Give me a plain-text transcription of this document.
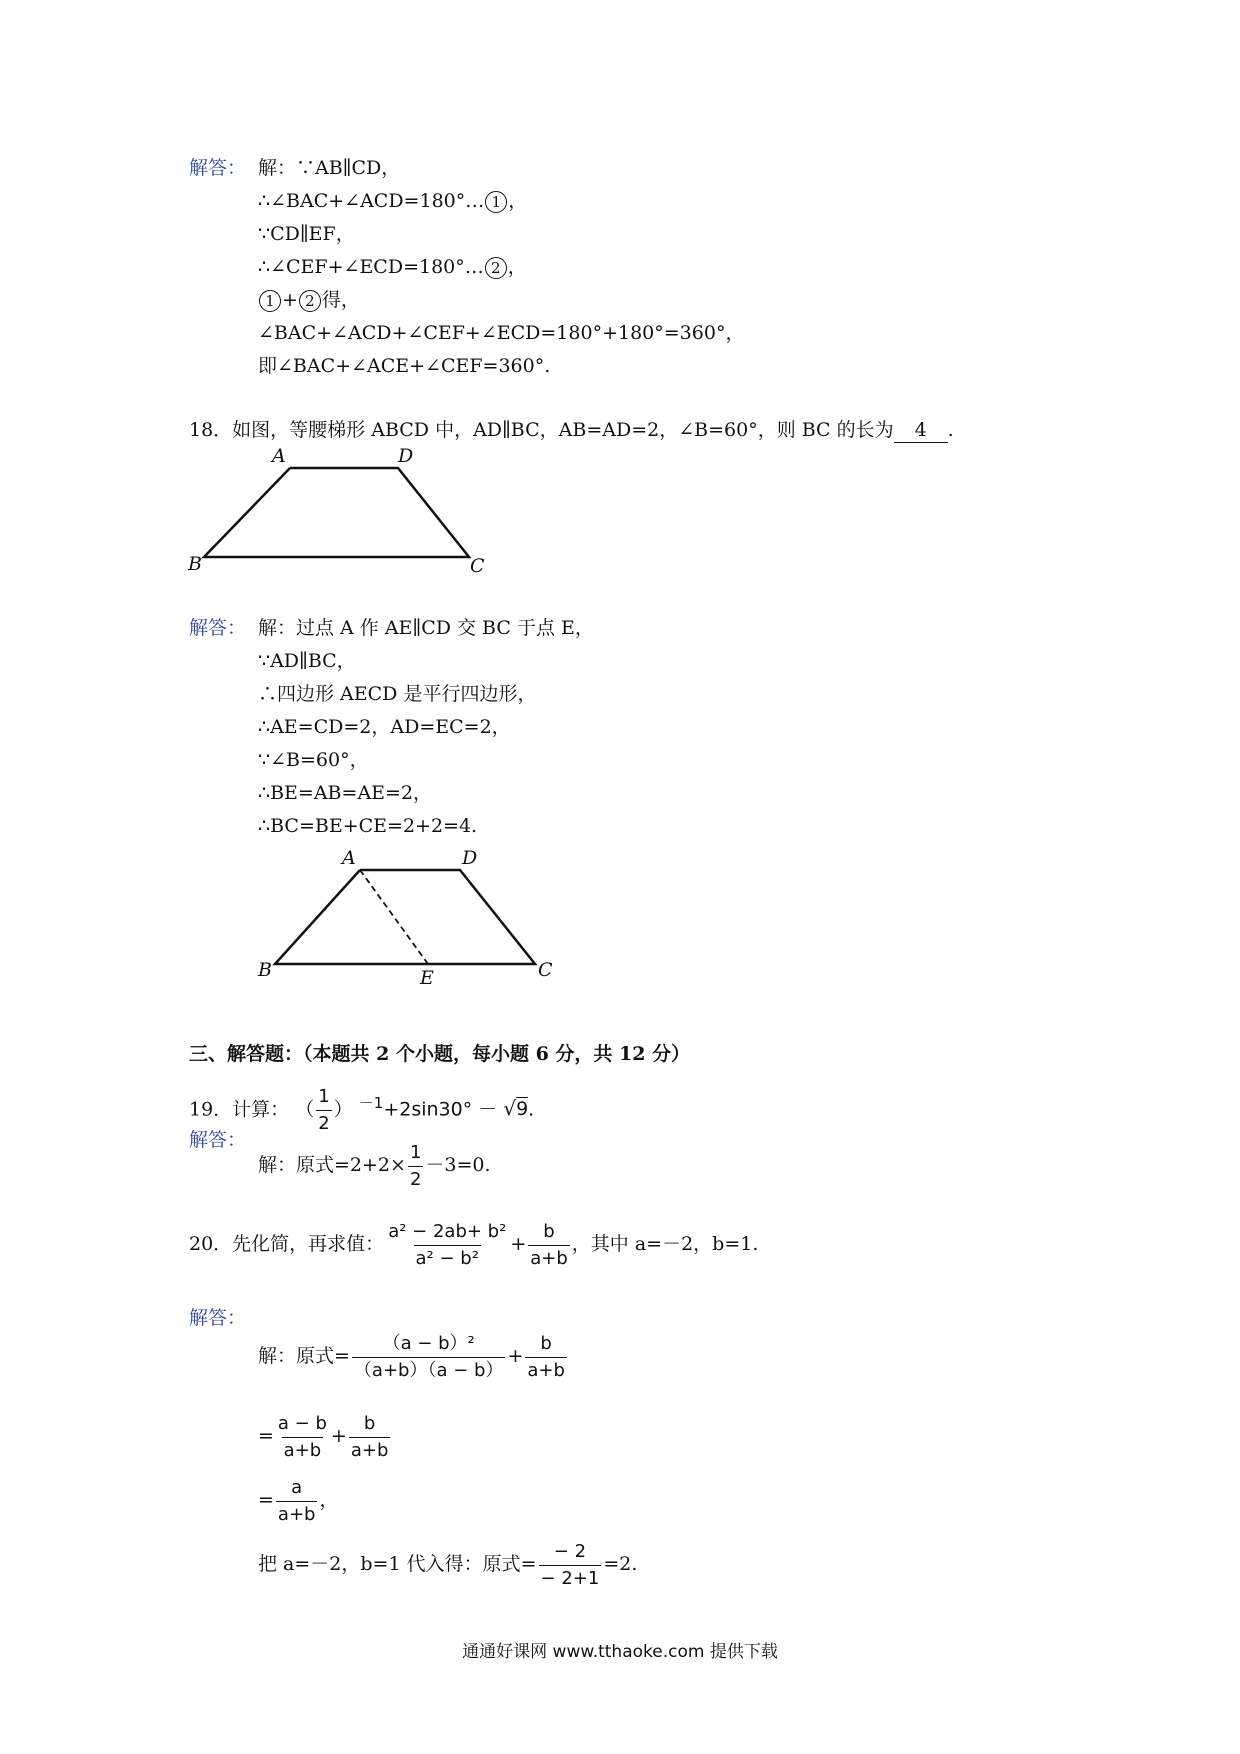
解答： 解：∵AB∥CD，
∴∠BAC+∠ACD=180°… 1 ，
∵CD∥EF，
∴∠CEF+∠ECD=180°… 2 ，
1 + 2 得，
∠BAC+∠ACD+∠CEF+∠ECD=180°+180°=360°，
即∠BAC+∠ACE+∠CEF=360°.
18．如图，等腰梯形 ABCD 中，AD∥BC，AB=AD=2，∠B=60°，则 BC 的长为 4 .
A	D
B	C
解答： 解：过点 A 作 AE∥CD 交 BC 于点 E，
∵AD∥BC，
∴四边形 AECD 是平行四边形，
∴AE=CD=2，AD=EC=2，
∵∠B=60°，
∴BE=AB=AE=2，
∴BC=BE+CE=2+2=4.
A	D
B	C
E
三、解答题：（本题共 2 个小题，每小题 6 分，共 12 分）
19．计算： （ $\frac{1}{2}$ ） $^{-1}$+2sin30° － √9.
解答：
解：原式$=2+2\times \frac{1}{2} -3=0$.
20．先化简，再求值： $\frac{\text{a² − 2ab+ b²}}{\text{a² − b²}} + \frac{b}{a+b}$ ，其中 a=－2，b=1.
解答：
解：原式= $\frac{\text{（a − b）²}}{(a+b)(a - b)} + \frac{b}{a+b}$
= $\frac{a - b}{a+b} + \frac{b}{a+b}$
= $\frac{a}{a+b}$ ，
把 a=－2，b=1 代入得：原式= $\frac{- 2}{- 2+1} =2$.
通通好课网 www.tthaoke.com 提供下载
